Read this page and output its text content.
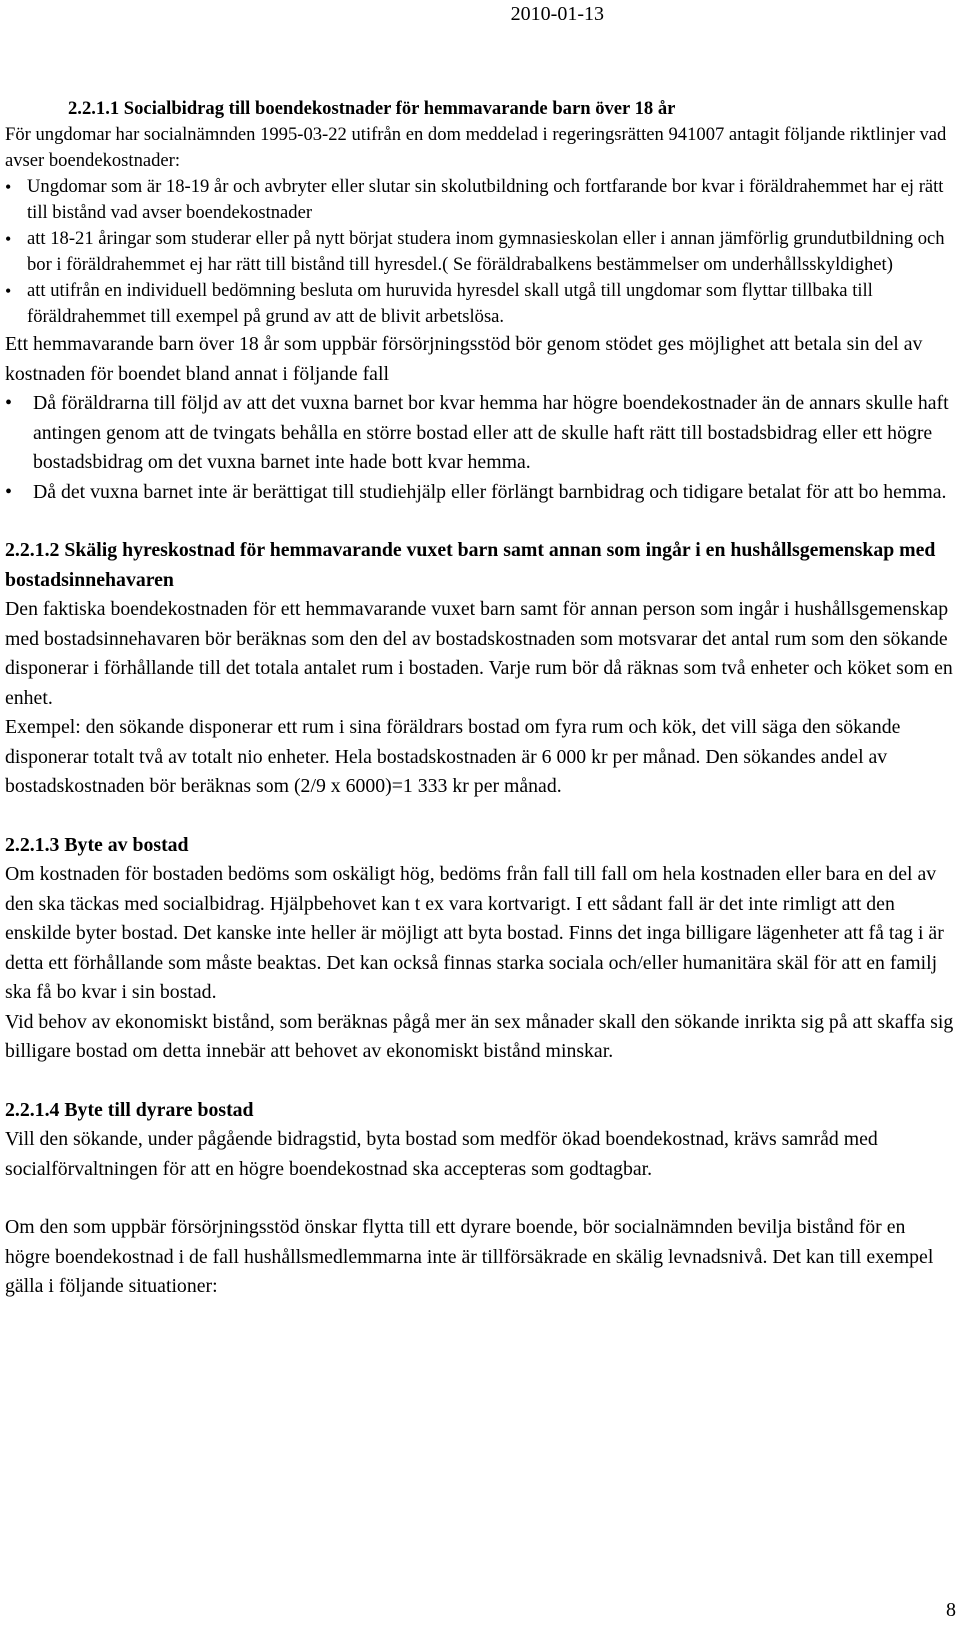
2010-01-13

2.2.1.1 Socialbidrag till boendekostnader för hemmavarande barn över 18 år

För ungdomar har socialnämnden 1995-03-22 utifrån en dom meddelad i regeringsrätten 941007 antagit följande riktlinjer vad avser boendekostnader:

• Ungdomar som är 18-19 år och avbryter eller slutar sin skolutbildning och fortfarande bor kvar i föräldrahemmet har ej rätt till bistånd vad avser boendekostnader
• att 18-21 åringar som studerar eller på nytt börjat studera inom gymnasieskolan eller i annan jämförlig grundutbildning och bor i föräldrahemmet ej har rätt till bistånd till hyresdel.( Se föräldrabalkens bestämmelser om underhållsskyldighet)
• att utifrån en individuell bedömning besluta om huruvida hyresdel skall utgå till ungdomar som flyttar tillbaka till föräldrahemmet till exempel på grund av att de blivit arbetslösa.

Ett hemmavarande barn över 18 år som uppbär försörjningsstöd bör genom stödet ges möjlighet att betala sin del av kostnaden för boendet bland annat i följande fall

• Då föräldrarna till följd av att det vuxna barnet bor kvar hemma har högre boendekostnader än de annars skulle haft antingen genom att de tvingats behålla en större bostad eller att de skulle haft rätt till bostadsbidrag eller ett högre bostadsbidrag om det vuxna barnet inte hade bott kvar hemma.
• Då det vuxna barnet inte är berättigat till studiehjälp eller förlängt barnbidrag och tidigare betalat för att bo hemma.

2.2.1.2 Skälig hyreskostnad för hemmavarande vuxet barn samt annan som ingår i en hushållsgemenskap med bostadsinnehavaren

Den faktiska boendekostnaden för ett hemmavarande vuxet barn samt för annan person som ingår i hushållsgemenskap med bostadsinnehavaren bör beräknas som den del av bostadskostnaden som motsvarar det antal rum som den sökande disponerar i förhållande till det totala antalet rum i bostaden. Varje rum bör då räknas som två enheter och köket som en enhet.

Exempel: den sökande disponerar ett rum i sina föräldrars bostad om fyra rum och kök, det vill säga den sökande disponerar totalt två av totalt nio enheter. Hela bostadskostnaden är 6 000 kr per månad. Den sökandes andel av bostadskostnaden bör beräknas som (2/9 x 6000)=1 333 kr per månad.

2.2.1.3 Byte av bostad

Om kostnaden för bostaden bedöms som oskäligt hög, bedöms från fall till fall om hela kostnaden eller bara en del av den ska täckas med socialbidrag. Hjälpbehovet kan t ex vara kortvarigt. I ett sådant fall är det inte rimligt att den enskilde byter bostad. Det kanske inte heller är möjligt att byta bostad. Finns det inga billigare lägenheter att få tag i är detta ett förhållande som måste beaktas. Det kan också finnas starka sociala och/eller humanitära skäl för att en familj ska få bo kvar i sin bostad.

Vid behov av ekonomiskt bistånd, som beräknas pågå mer än sex månader skall den sökande inrikta sig på att skaffa sig billigare bostad om detta innebär att behovet av ekonomiskt bistånd minskar.

2.2.1.4 Byte till dyrare bostad

Vill den sökande, under pågående bidragstid, byta bostad som medför ökad boendekostnad, krävs samråd med socialförvaltningen för att en högre boendekostnad ska accepteras som godtagbar.

Om den som uppbär försörjningsstöd önskar flytta till ett dyrare boende, bör socialnämnden bevilja bistånd för en högre boendekostnad i de fall hushållsmedlemmarna inte är tillförsäkrade en skälig levnadsnivå. Det kan till exempel gälla i följande situationer:

8
